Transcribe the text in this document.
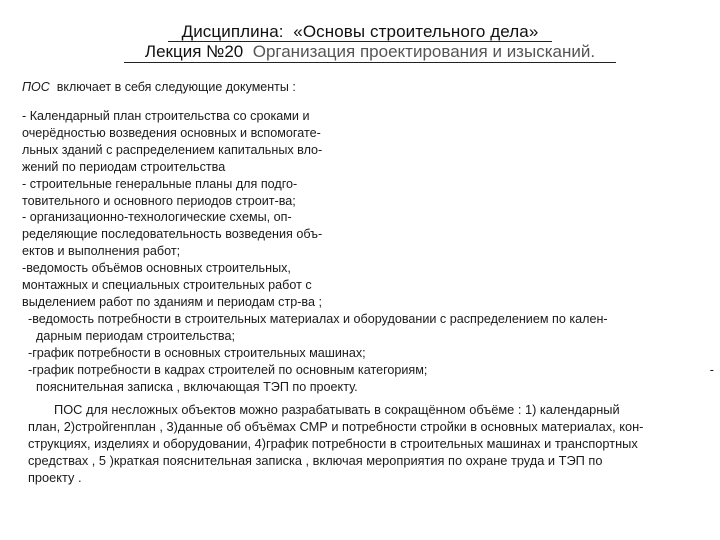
Дисциплина: «Основы строительного дела»
Лекция №20 Организация проектирования и изысканий.
ПОС включает в себя следующие документы :
- Календарный план строительства со сроками и
очерёдностью возведения основных и вспомогате-
льных зданий с распределением капитальных вло-
жений по периодам строительства
- строительные генеральные планы для подго-
товительного и основного периодов строит-ва;
- организационно-технологические схемы, оп-
ределяющие последовательность возведения объ-
ектов и выполнения работ;
-ведомость объёмов основных строительных,
монтажных и специальных строительных работ с
выделением работ по зданиям и периодам стр-ва ;
-ведомость потребности в строительных материалах и оборудовании с распределением по кален-
дарным периодам строительства;
-график потребности в основных строительных машинах;
-график потребности в кадрах строителей по основным категориям;	-
пояснительная записка , включающая ТЭП по проекту.
ПОС для несложных объектов можно разрабатывать в сокращённом объёме : 1) календарный
план, 2)стройгенплан , 3)данные об объёмах СМР и потребности стройки в основных материалах, кон-
струкциях, изделиях и оборудовании, 4)график потребности в строительных машинах и транспортных
средствах , 5 )краткая пояснительная записка , включая мероприятия по охране труда и ТЭП по
проекту .
